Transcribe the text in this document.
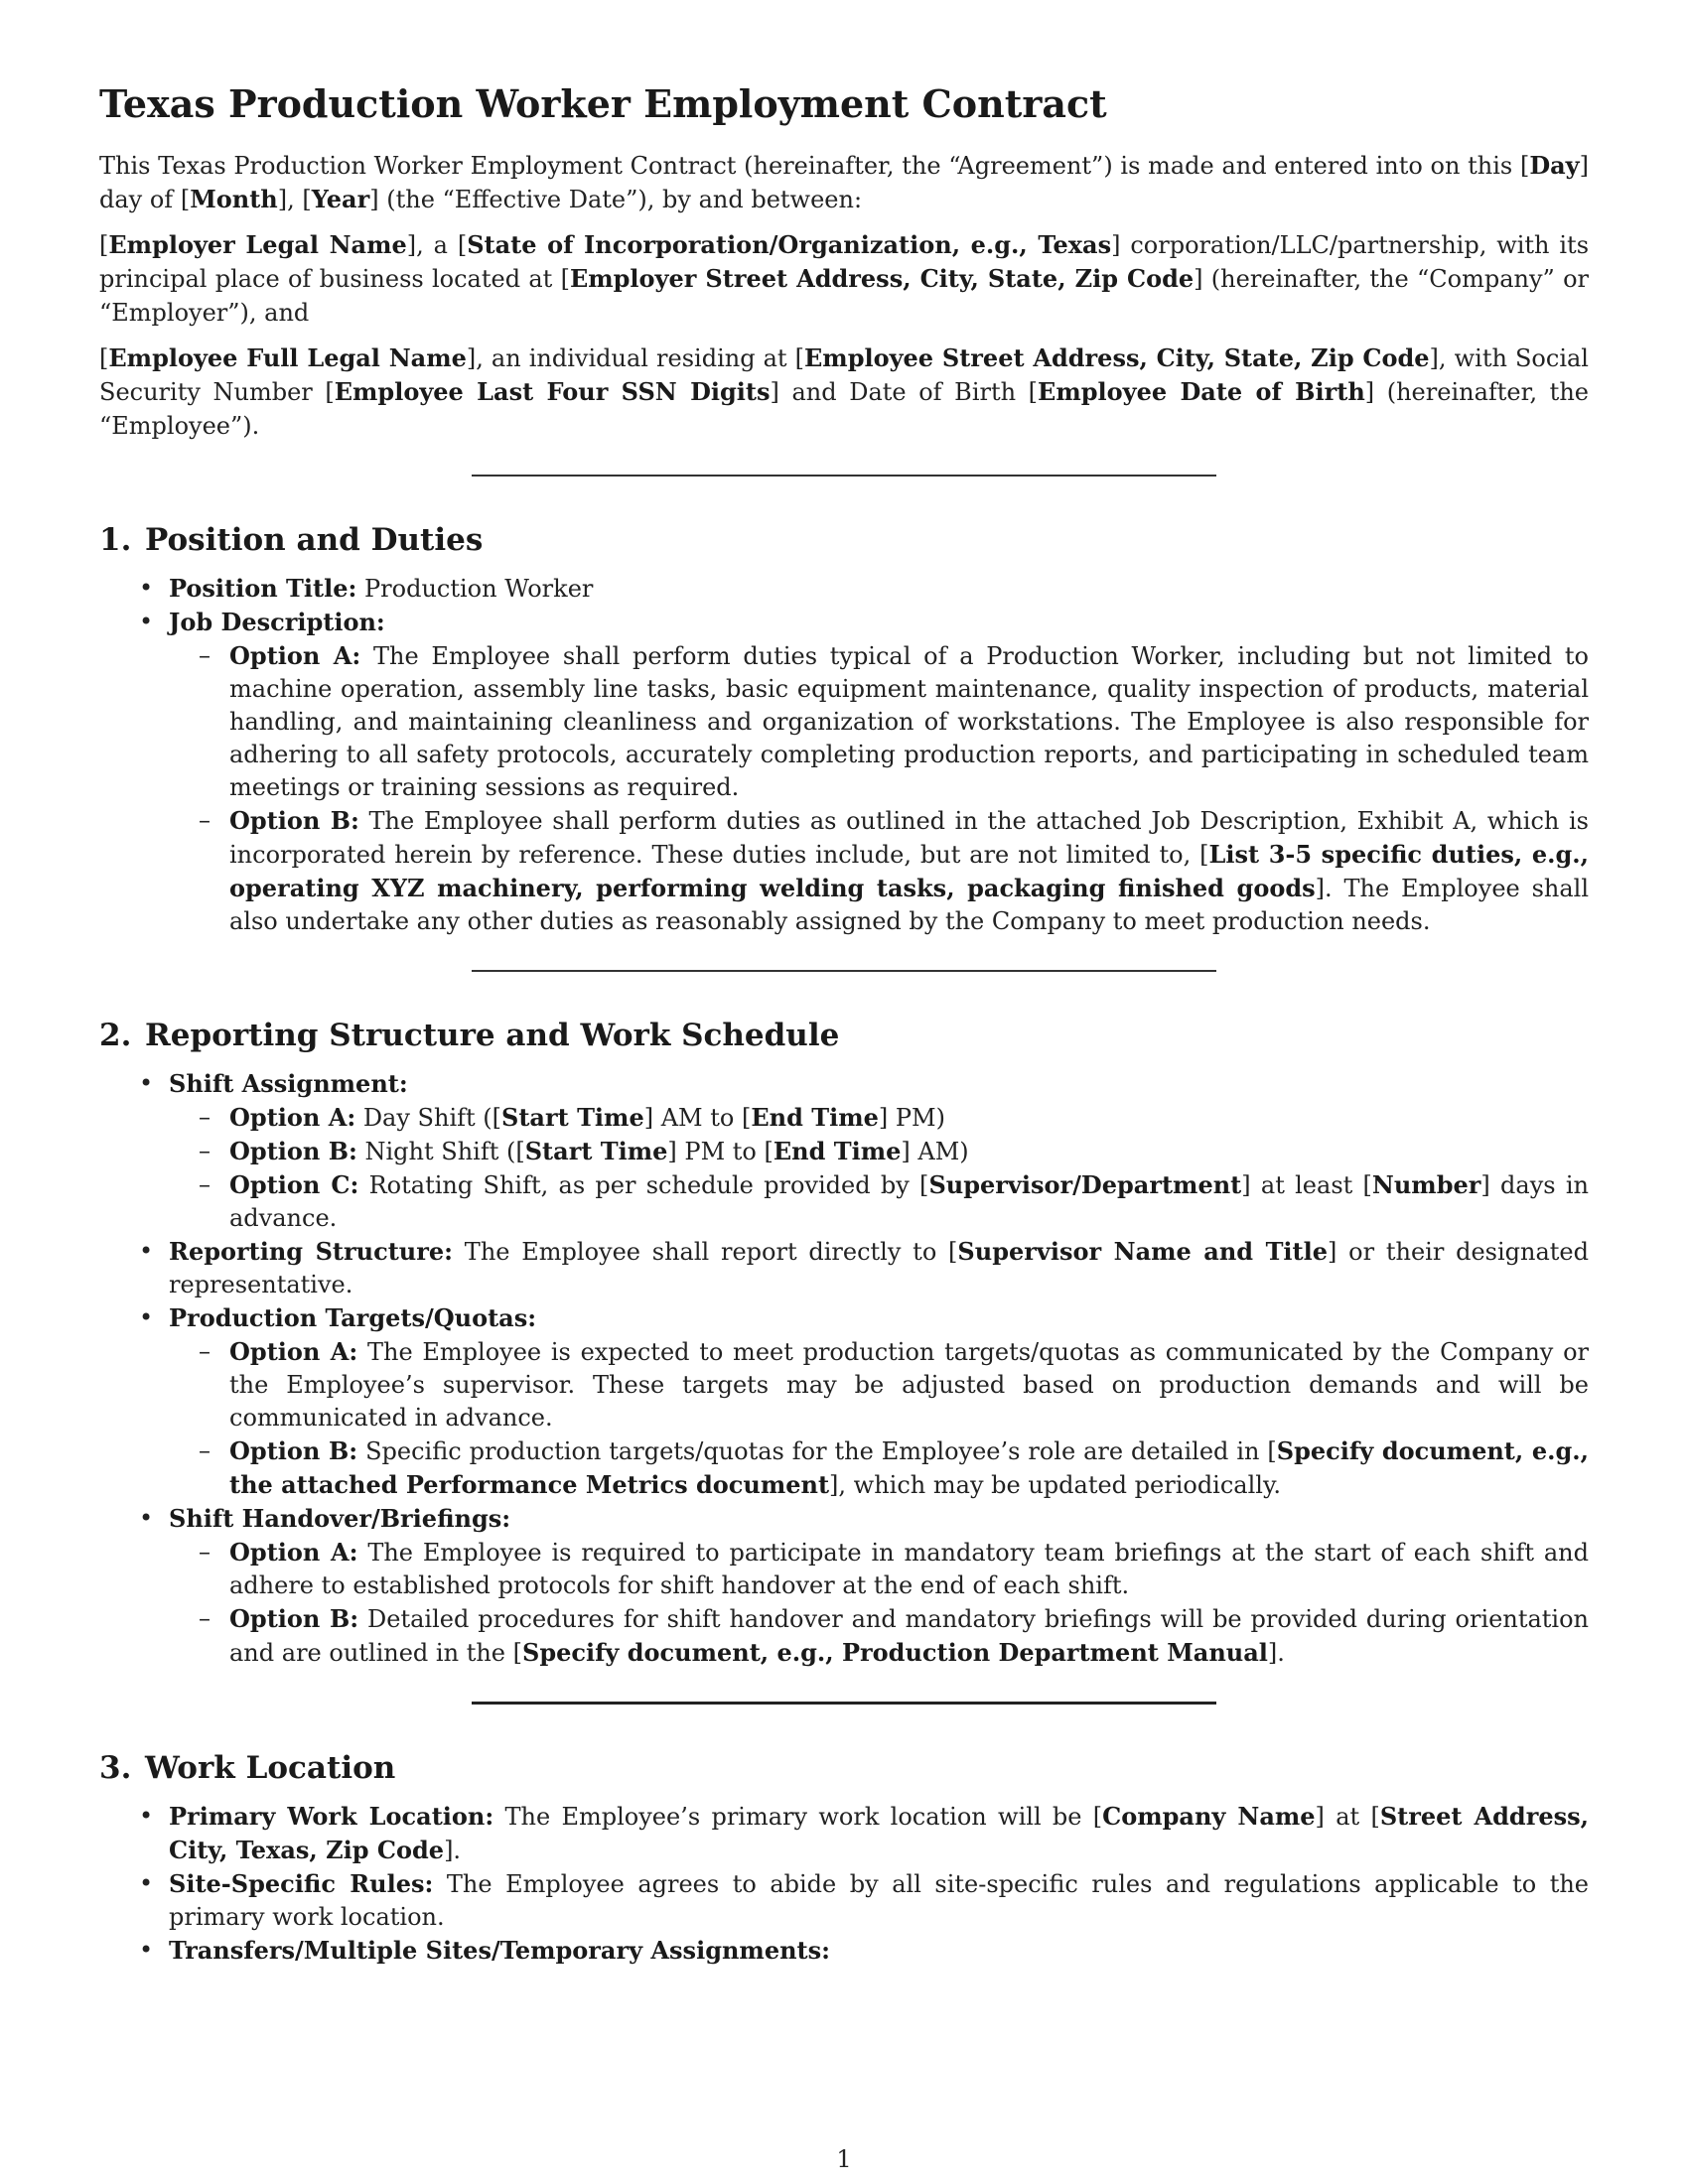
Texas Production Worker Employment Contract

This Texas Production Worker Employment Contract (hereinafter, the “Agreement”) is made and entered into on this [Day] day of [Month], [Year] (the “Effective Date”), by and between:

[Employer Legal Name], a [State of Incorporation/Organization, e.g., Texas] corporation/LLC/partnership, with its principal place of business located at [Employer Street Address, City, State, Zip Code] (hereinafter, the “Company” or “Employer”), and

[Employee Full Legal Name], an individual residing at [Employee Street Address, City, State, Zip Code], with Social Security Number [Employee Last Four SSN Digits] and Date of Birth [Employee Date of Birth] (hereinafter, the “Employee”).

1. Position and Duties
• Position Title: Production Worker
• Job Description:
– Option A: The Employee shall perform duties typical of a Production Worker, including but not limited to machine operation, assembly line tasks, basic equipment maintenance, quality inspection of products, material handling, and maintaining cleanliness and organization of workstations. The Employee is also responsible for adhering to all safety protocols, accurately completing production reports, and participating in scheduled team meetings or training sessions as required.
– Option B: The Employee shall perform duties as outlined in the attached Job Description, Exhibit A, which is incorporated herein by reference. These duties include, but are not limited to, [List 3-5 specific duties, e.g., operating XYZ machinery, performing welding tasks, packaging finished goods]. The Employee shall also undertake any other duties as reasonably assigned by the Company to meet production needs.
2. Reporting Structure and Work Schedule
• Shift Assignment:
– Option A: Day Shift ([Start Time] AM to [End Time] PM)
– Option B: Night Shift ([Start Time] PM to [End Time] AM)
– Option C: Rotating Shift, as per schedule provided by [Supervisor/Department] at least [Number] days in advance.
• Reporting Structure: The Employee shall report directly to [Supervisor Name and Title] or their designated representative.
• Production Targets/Quotas:
– Option A: The Employee is expected to meet production targets/quotas as communicated by the Company or the Employee’s supervisor. These targets may be adjusted based on production demands and will be communicated in advance.
– Option B: Specific production targets/quotas for the Employee’s role are detailed in [Specify document, e.g., the attached Performance Metrics document], which may be updated periodically.
• Shift Handover/Briefings:
– Option A: The Employee is required to participate in mandatory team briefings at the start of each shift and adhere to established protocols for shift handover at the end of each shift.
– Option B: Detailed procedures for shift handover and mandatory briefings will be provided during orientation and are outlined in the [Specify document, e.g., Production Department Manual].
3. Work Location
• Primary Work Location: The Employee’s primary work location will be [Company Name] at [Street Address, City, Texas, Zip Code].
• Site-Specific Rules: The Employee agrees to abide by all site-specific rules and regulations applicable to the primary work location.
• Transfers/Multiple Sites/Temporary Assignments:
1
